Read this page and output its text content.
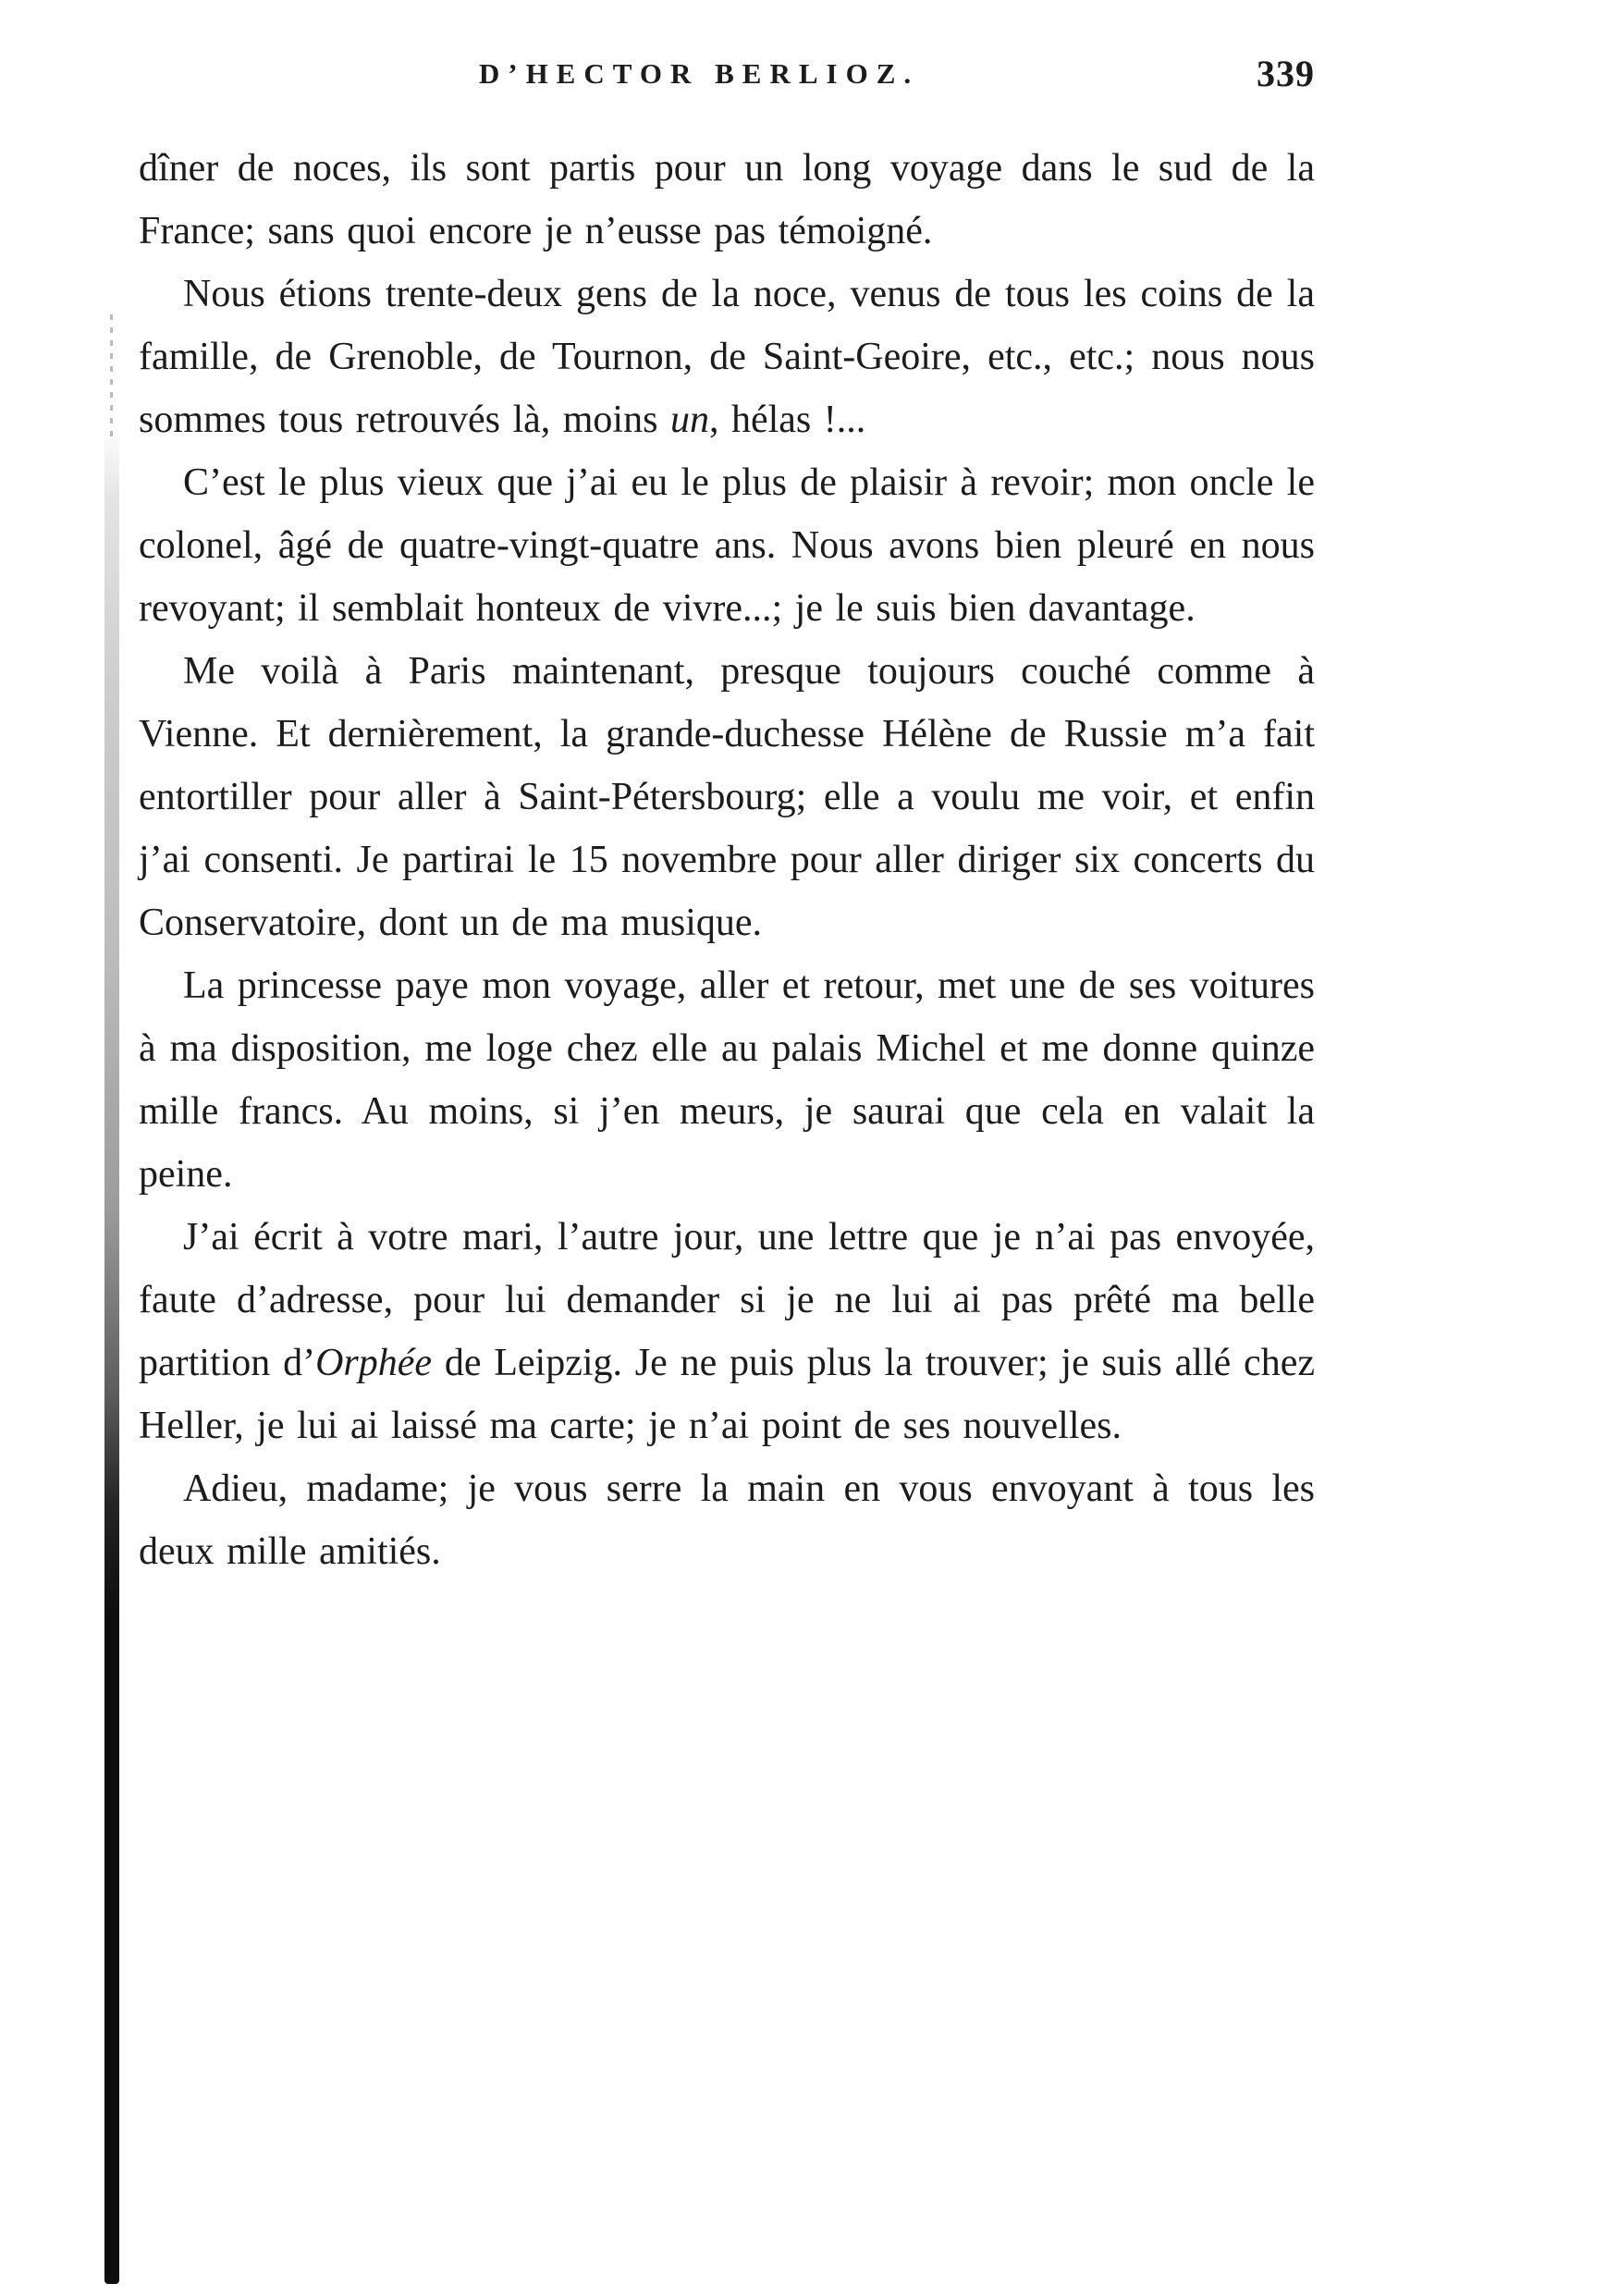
D’HECTOR BERLIOZ.	339

dîner de noces, ils sont partis pour un long voyage dans le sud de la France; sans quoi encore je n’eusse pas témoigné.

Nous étions trente-deux gens de la noce, venus de tous les coins de la famille, de Grenoble, de Tournon, de Saint-Geoire, etc., etc.; nous nous sommes tous retrouvés là, moins un, hélas !...

C’est le plus vieux que j’ai eu le plus de plaisir à revoir; mon oncle le colonel, âgé de quatre-vingt-quatre ans. Nous avons bien pleuré en nous revoyant; il semblait honteux de vivre...; je le suis bien davantage.

Me voilà à Paris maintenant, presque toujours couché comme à Vienne. Et dernièrement, la grande-duchesse Hélène de Russie m’a fait entortiller pour aller à Saint-Pétersbourg; elle a voulu me voir, et enfin j’ai consenti. Je partirai le 15 novembre pour aller diriger six concerts du Conservatoire, dont un de ma musique.

La princesse paye mon voyage, aller et retour, met une de ses voitures à ma disposition, me loge chez elle au palais Michel et me donne quinze mille francs. Au moins, si j’en meurs, je saurai que cela en valait la peine.

J’ai écrit à votre mari, l’autre jour, une lettre que je n’ai pas envoyée, faute d’adresse, pour lui demander si je ne lui ai pas prêté ma belle partition d’Orphée de Leipzig. Je ne puis plus la trouver; je suis allé chez Heller, je lui ai laissé ma carte; je n’ai point de ses nouvelles.

Adieu, madame; je vous serre la main en vous envoyant à tous les deux mille amitiés.
